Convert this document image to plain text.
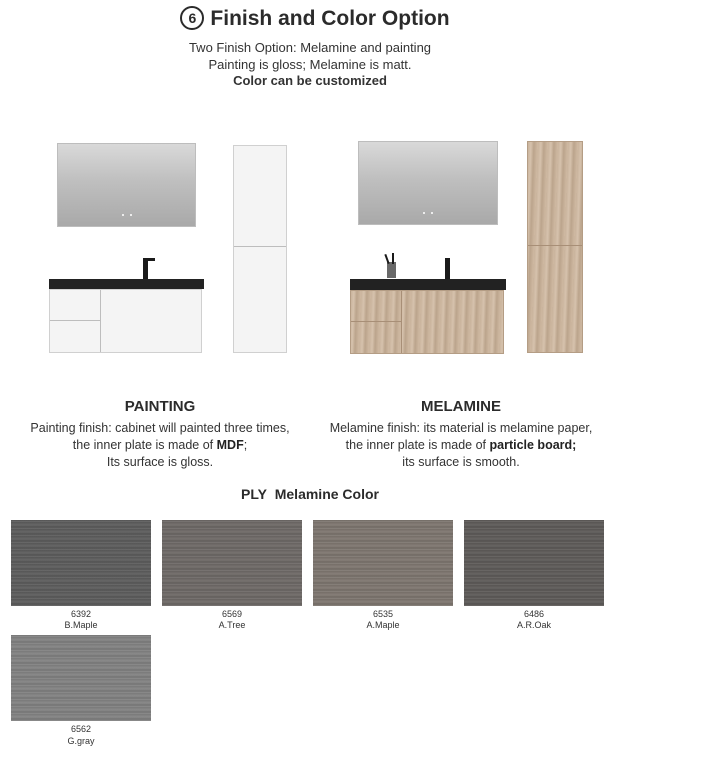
6 Finish and Color Option
Two Finish Option: Melamine and painting
Painting is gloss; Melamine is matt.
Color can be customized
PAINTING
Painting finish: cabinet will painted three times,
the inner plate is made of MDF;
Its surface is gloss.
MELAMINE
Melamine finish: its material is melamine paper,
the inner plate is made of particle board;
its surface is smooth.
PLY Melamine Color
6392
B.Maple
6569
A.Tree
6535
A.Maple
6486
A.R.Oak
6562
G.gray
